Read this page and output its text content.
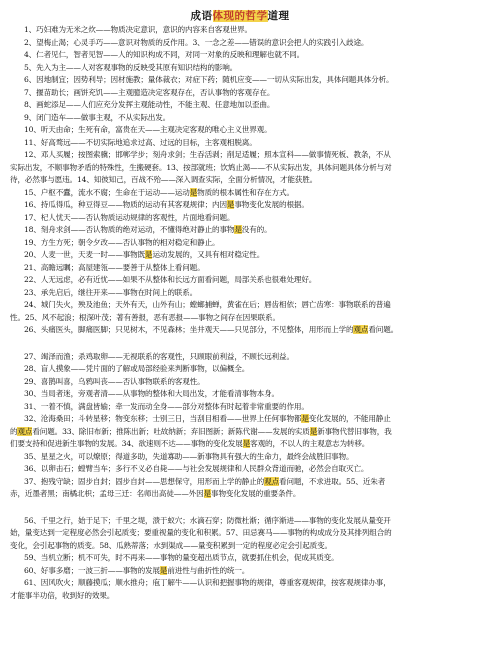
成语体现的哲学道理
1、巧妇难为无米之炊——物质决定意识，意识的内容来自客观世界。
2、望梅止渴；心灵手巧——意识对物质的反作用。3、一念之差——错误的意识会把人的实践引入歧途。
4、仁者见仁，智者见智——人的知识构成不同，对同一对象的反映和理解也就不同。
5、先入为主——人对客观事物的反映受其原有知识结构的影响。
6、因地制宜；因势利导；因材施教；量体裁衣；对症下药；随机应变——一切从实际出发，具体问题具体分析。
7、揠苗助长；画饼充饥——主观臆造决定客观存在，否认事物的客观存在。
8、画蛇添足——人们应充分发挥主观能动性，不能主观、任意地加以歪曲。
9、闭门造车——做事主观，不从实际出发。
10、听天由命；生死有命，富贵在天——主观决定客观的唯心主义世界观。
11、好高骛远——不切实际地追求过高、过远的目标，主客观相脱离。
12、邓人买履；按图索骥；邯郸学步；刻舟求剑；生吞活剥；削足适履；照本宣科——做事情死板、教条，不从
实际出发，不顺事物矛盾的特殊性，生搬硬套。13、按部就班；饮鸩止渴——不从实际出发，具体问题具体分析与对
待，必然事与愿违。14、知彼知己，百战不殆——深入调查实际，全面分析情况，才能获胜。
15、户枢不蠹，流水不腐；生命在于运动——运动是物质的根本属性和存在方式。
16、持瓜得瓜，种豆得豆——物质的运动有其客观规律；内因是事物变化发展的根据。
17、杞人忧天——否认物质运动规律的客观性，片面地看问题。
18、刻舟求剑——否认物质的绝对运动，不懂得绝对静止的事物是没有的。
19、方生方死；朝令夕改——否认事物的相对稳定和静止。
20、人麦一世，天麦一时——事物既是运动发展的，又具有相对稳定性。
21、高瞻远瞩；高屋建瓴——要善于从整体上看问题。
22、人无远虑，必有近忧——如果不从整体和长远方面看问题，局部关系也很难处理好。
23、承先启后，继往开来——事物在时间上的联系。
24、城门失火，殃及池鱼；天外有天，山外有山；螳螂捕蝉，黄雀在后；唇齿相依；唇亡齿寒：事物联系的普遍
性。25、风不起浪；根深叶茂；著有善报，恶有恶报——事物之间存在因果联系。
26、头痛医头，脚痛医脚；只见树木，不见森林；坐井观天——只见部分，不见整体，用形而上学的观点看问题。
27、竭泽而渔；杀鸡取卵——无视联系的客观性，只顾眼前利益，不顾长远利益。
28、盲人摸象——凭片面的了解或局部经验来判断事物，以偏概全。
29、喜鹊叫喜，乌鸦叫丧——否认事物联系的客观性。
30、当局者迷，旁观者清——从事物的整体和大局出发，才能看清事物本身。
31、一着不慎，满盘皆输；牵一发而动全身——部分对整体有时起着非常重要的作用。
32、沧海桑田；斗转星移；物变东移；士别三日，当刮目相看——世界上任何事物都是变化发展的，不能用静止
的观点看问题。33、除旧布新；推陈出新；吐故纳新；弃旧图新；新陈代谢——发展的实质是新事物代替旧事物，我
们要支持和促进新生事物的发展。34、欲速则不达——事物的变化发展是客观的，不以人的主观意志为转移。
35、星星之火，可以燎原；得道多助，失道寡助——新事物具有强大的生命力，最终会战胜旧事物。
36、以卵击石；螳臂当车；多行不义必自毙——与社会发展规律和人民群众背道而驰，必然会自取灭亡。
37、抱残守缺；固步自封；固步自封——思想保守，用形而上学的静止的观点看问题，不求进取。55、近朱者
赤，近墨者黑；南橘北枳；孟母三迁：名师出高徒——外因是事物变化发展的重要条件。
56、千里之行，始于足下；千里之堤，溃于蚁穴；水滴石穿；防微杜渐；循序渐进——事物的变化发展从量变开
始，量变达到一定程度必然会引起质变；要重视量的变化和积累。57、田忌赛马——事物的构成成分及其排列组合的
变化，会引起事物的质变。58、瓜熟蒂落；水到渠成——量变积累到一定的程度必定会引起质变。
59、当机立断；机不可失，时不再来——事物的量变超出质节点，就要抓住机会，促成其质变。
60、好事多磨；一波三折——事物的发展是前进性与曲折性的统一。
61、因风吹火；顺藤摸瓜；顺水推舟；庖丁解牛——认识和把握事物的规律，尊重客观规律，按客观规律办事，
才能事半功倍，收到好的效果。
